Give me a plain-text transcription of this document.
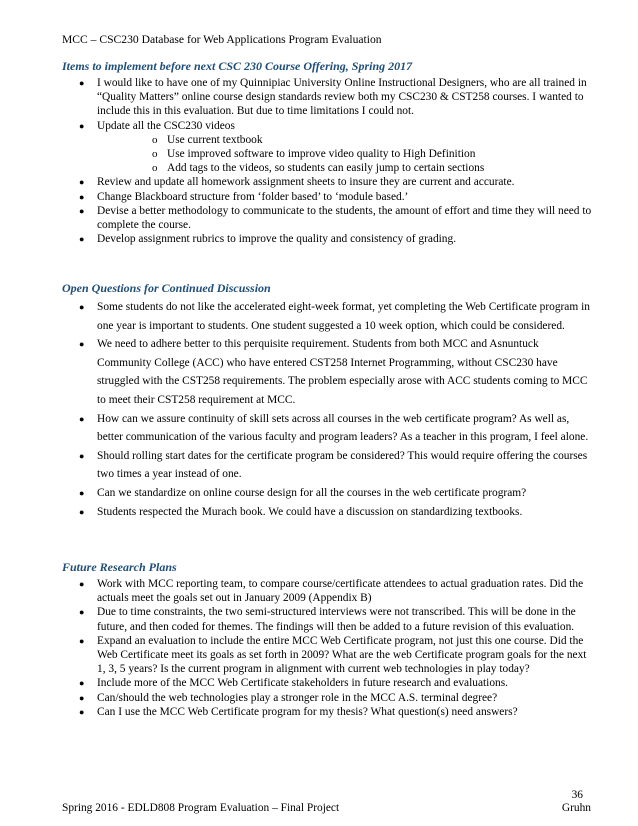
MCC – CSC230 Database for Web Applications Program Evaluation
Items to implement before next CSC 230 Course Offering, Spring 2017
● I would like to have one of my Quinnipiac University Online Instructional Designers, who are all trained in “Quality Matters” online course design standards review both my CSC230 & CST258 courses. I wanted to include this in this evaluation. But due to time limitations I could not.
● Update all the CSC230 videos
o Use current textbook
o Use improved software to improve video quality to High Definition
o Add tags to the videos, so students can easily jump to certain sections
● Review and update all homework assignment sheets to insure they are current and accurate.
● Change Blackboard structure from ‘folder based’ to ‘module based.’
● Devise a better methodology to communicate to the students, the amount of effort and time they will need to complete the course.
● Develop assignment rubrics to improve the quality and consistency of grading.
Open Questions for Continued Discussion
● Some students do not like the accelerated eight-week format, yet completing the Web Certificate program in one year is important to students. One student suggested a 10 week option, which could be considered.
● We need to adhere better to this perquisite requirement. Students from both MCC and Asnuntuck Community College (ACC) who have entered CST258 Internet Programming, without CSC230 have struggled with the CST258 requirements. The problem especially arose with ACC students coming to MCC to meet their CST258 requirement at MCC.
● How can we assure continuity of skill sets across all courses in the web certificate program? As well as, better communication of the various faculty and program leaders? As a teacher in this program, I feel alone.
● Should rolling start dates for the certificate program be considered? This would require offering the courses two times a year instead of one.
● Can we standardize on online course design for all the courses in the web certificate program?
● Students respected the Murach book. We could have a discussion on standardizing textbooks.
Future Research Plans
● Work with MCC reporting team, to compare course/certificate attendees to actual graduation rates. Did the actuals meet the goals set out in January 2009 (Appendix B)
● Due to time constraints, the two semi-structured interviews were not transcribed. This will be done in the future, and then coded for themes. The findings will then be added to a future revision of this evaluation.
● Expand an evaluation to include the entire MCC Web Certificate program, not just this one course. Did the Web Certificate meet its goals as set forth in 2009? What are the web Certificate program goals for the next 1, 3, 5 years? Is the current program in alignment with current web technologies in play today?
● Include more of the MCC Web Certificate stakeholders in future research and evaluations.
● Can/should the web technologies play a stronger role in the MCC A.S. terminal degree?
● Can I use the MCC Web Certificate program for my thesis? What question(s) need answers?
36
Spring 2016 - EDLD808 Program Evaluation – Final Project	Gruhn
